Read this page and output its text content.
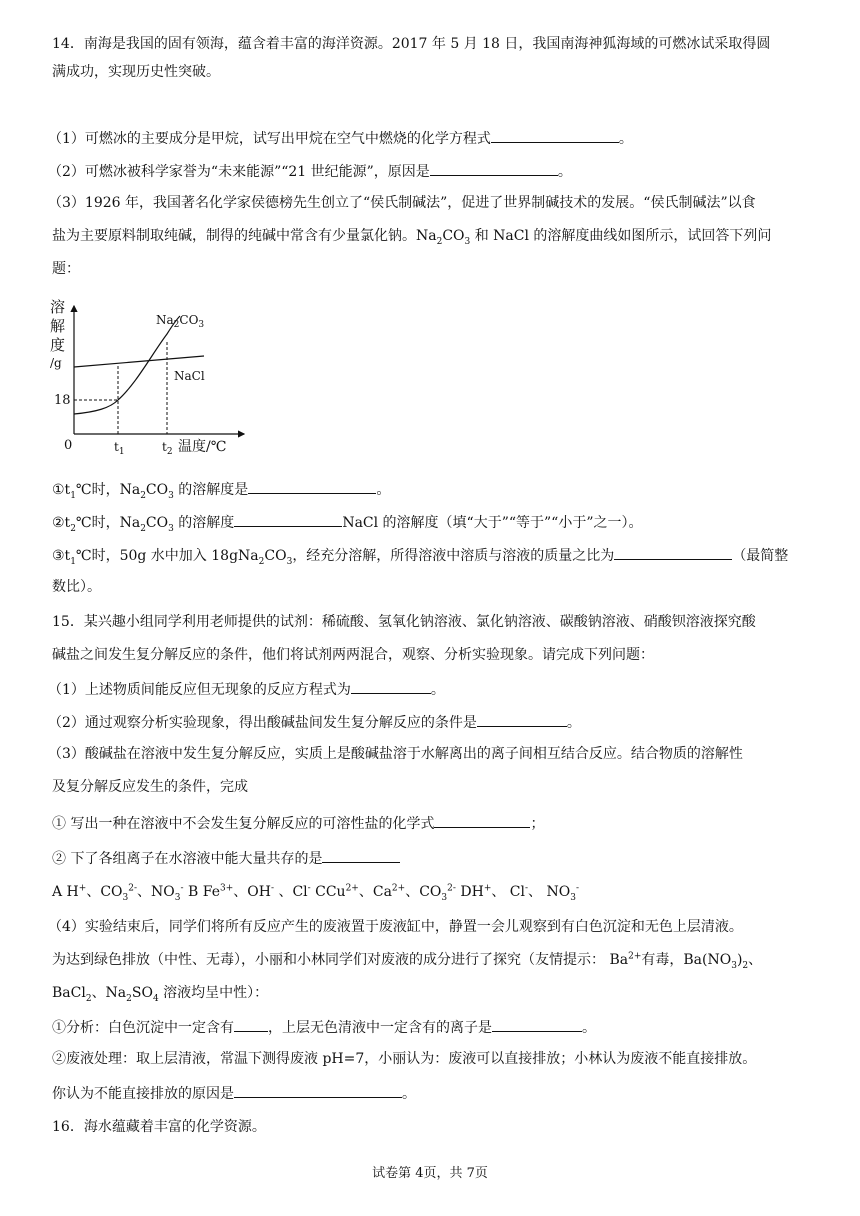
14．南海是我国的固有领海，蕴含着丰富的海洋资源。2017 年 5 月 18 日，我国南海神狐海域的可燃冰试采取得圆
满成功，实现历史性突破。
（1）可燃冰的主要成分是甲烷，试写出甲烷在空气中燃烧的化学方程式	。
（2）可燃冰被科学家誉为“未来能源”“21 世纪能源”，原因是	。
（3）1926 年，我国著名化学家侯德榜先生创立了“侯氏制碱法”，促进了世界制碱技术的发展。“侯氏制碱法”以食
盐为主要原料制取纯碱，制得的纯碱中常含有少量氯化钠。$Na_2CO_3$ 和 NaCl 的溶解度曲线如图所示，试回答下列问
题：
溶
解
度
/g
0
18
$Na_2CO_3$
NaCl
$t_1$	$t_2$ 温度/℃
$①t_1℃$时，$Na_2CO_3$ 的溶解度是	。
$②t_2℃$时，$Na_2CO_3$ 的溶解度	NaCl 的溶解度（填“大于”“等于”“小于”之一）。
$③t_1℃$时，50g 水中加入 $18gNa_2CO_3$，经充分溶解，所得溶液中溶质与溶液的质量之比为	（最简整
数比）。
15．某兴趣小组同学利用老师提供的试剂：稀硫酸、氢氧化钠溶液、氯化钠溶液、碳酸钠溶液、硝酸钡溶液探究酸
碱盐之间发生复分解反应的条件，他们将试剂两两混合，观察、分析实验现象。请完成下列问题：
（1）上述物质间能反应但无现象的反应方程式为	。
（2）通过观察分析实验现象，得出酸碱盐间发生复分解反应的条件是	。
（3）酸碱盐在溶液中发生复分解反应，实质上是酸碱盐溶于水解离出的离子间相互结合反应。结合物质的溶解性
及复分解反应发生的条件，完成
① 写出一种在溶液中不会发生复分解反应的可溶性盐的化学式	；
② 下了各组离子在水溶液中能大量共存的是
A H+、$CO_3^{2-}$、$NO_3^-$ B $Fe^{3+}$、OH- 、Cl- CCu$^{2+}$、$Ca^{2+}$、$CO_3^{2-}$ DH+、 Cl-、 $NO_3^-$
（4）实验结束后，同学们将所有反应产生的废液置于废液缸中，静置一会儿观察到有白色沉淀和无色上层清液。
为达到绿色排放（中性、无毒），小丽和小林同学们对废液的成分进行了探究（友情提示： $Ba^{2+}$有毒，$Ba(NO_3)_2$、
BaCl$_2$、$Na_2SO_4$ 溶液均呈中性）：
①分析：白色沉淀中一定含有 ，上层无色清液中一定含有的离子是	。
②废液处理：取上层清液，常温下测得废液 pH=7，小丽认为：废液可以直接排放；小林认为废液不能直接排放。
你认为不能直接排放的原因是	。
16．海水蕴藏着丰富的化学资源。
试卷第 4页，共 7页
